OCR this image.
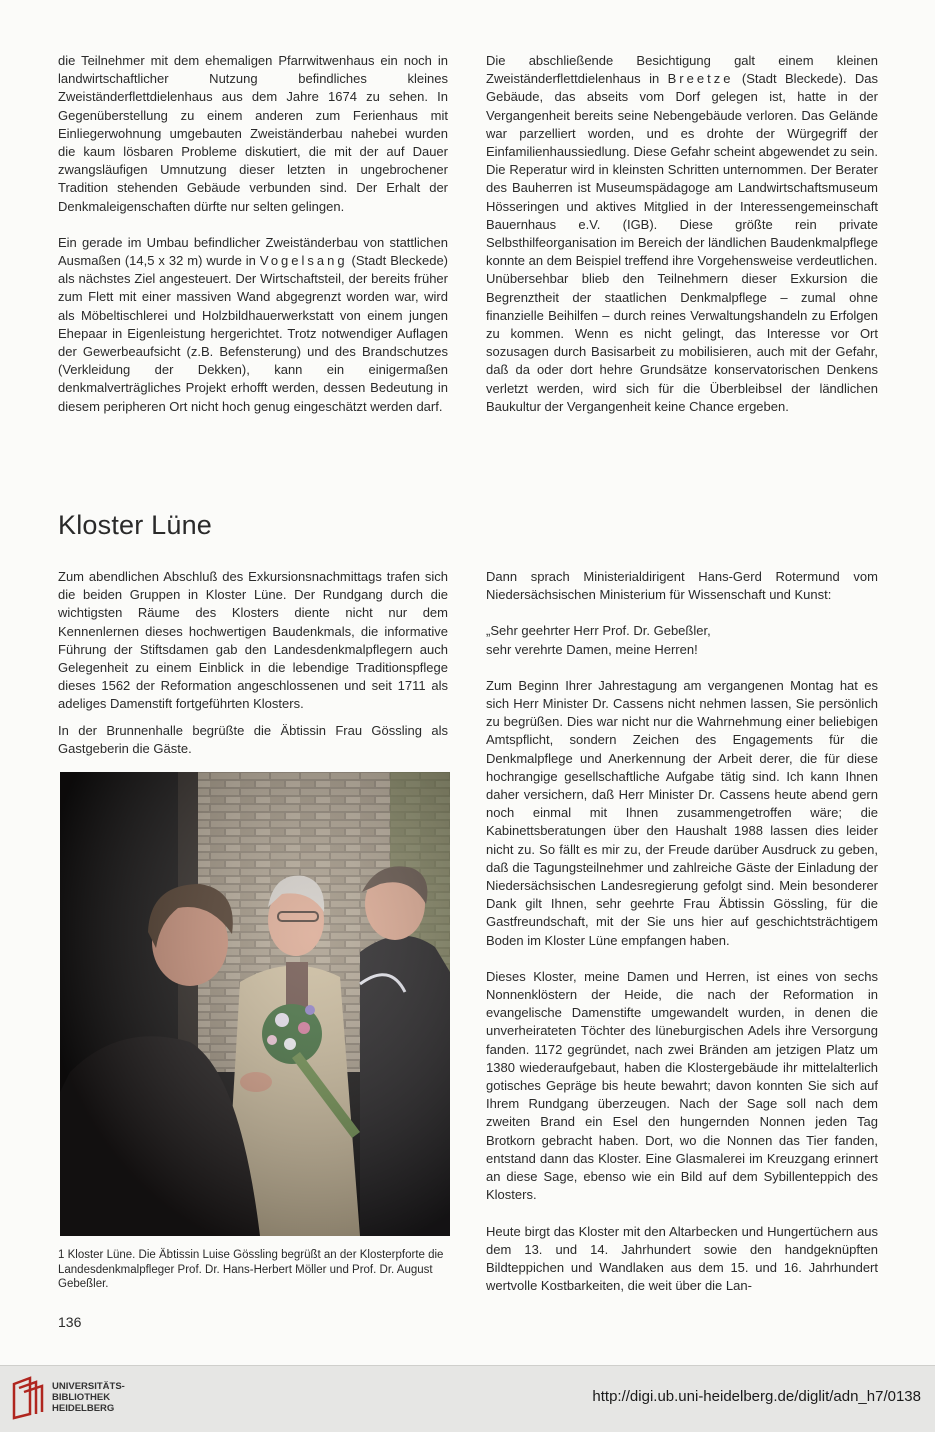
die Teilnehmer mit dem ehemaligen Pfarrwitwenhaus ein noch in landwirtschaftlicher Nutzung befindliches kleines Zweiständerflettdielenhaus aus dem Jahre 1674 zu sehen. In Gegenüberstellung zu einem anderen zum Ferienhaus mit Einliegerwohnung umgebauten Zweiständerbau nahebei wurden die kaum lösbaren Probleme diskutiert, die mit der auf Dauer zwangsläufigen Umnutzung dieser letzten in ungebrochener Tradition stehenden Gebäude verbunden sind. Der Erhalt der Denkmaleigenschaften dürfte nur selten gelingen.

Ein gerade im Umbau befindlicher Zweiständerbau von stattlichen Ausmaßen (14,5 x 32 m) wurde in Vogelsang (Stadt Bleckede) als nächstes Ziel angesteuert. Der Wirtschaftsteil, der bereits früher zum Flett mit einer massiven Wand abgegrenzt worden war, wird als Möbeltischlerei und Holzbildhauerwerkstatt von einem jungen Ehepaar in Eigenleistung hergerichtet. Trotz notwendiger Auflagen der Gewerbeaufsicht (z.B. Befensterung) und des Brandschutzes (Verkleidung der Dekken), kann ein einigermaßen denkmalverträgliches Projekt erhofft werden, dessen Bedeutung in diesem peripheren Ort nicht hoch genug eingeschätzt werden darf.

Die abschließende Besichtigung galt einem kleinen Zweiständerflettdielenhaus in Breetze (Stadt Bleckede). Das Gebäude, das abseits vom Dorf gelegen ist, hatte in der Vergangenheit bereits seine Nebengebäude verloren. Das Gelände war parzelliert worden, und es drohte der Würgegriff der Einfamilienhaussiedlung. Diese Gefahr scheint abgewendet zu sein. Die Reperatur wird in kleinsten Schritten unternommen. Der Berater des Bauherren ist Museumspädagoge am Landwirtschaftsmuseum Hösseringen und aktives Mitglied in der Interessengemeinschaft Bauernhaus e.V. (IGB). Diese größte rein private Selbsthilfeorganisation im Bereich der ländlichen Baudenkmalpflege konnte an dem Beispiel treffend ihre Vorgehensweise verdeutlichen.

Unübersehbar blieb den Teilnehmern dieser Exkursion die Begrenztheit der staatlichen Denkmalpflege – zumal ohne finanzielle Beihilfen – durch reines Verwaltungshandeln zu Erfolgen zu kommen. Wenn es nicht gelingt, das Interesse vor Ort sozusagen durch Basisarbeit zu mobilisieren, auch mit der Gefahr, daß da oder dort hehre Grundsätze konservatorischen Denkens verletzt werden, wird sich für die Überbleibsel der ländlichen Baukultur der Vergangenheit keine Chance ergeben.

Kloster Lüne

Zum abendlichen Abschluß des Exkursionsnachmittags trafen sich die beiden Gruppen in Kloster Lüne. Der Rundgang durch die wichtigsten Räume des Klosters diente nicht nur dem Kennenlernen dieses hochwertigen Baudenkmals, die informative Führung der Stiftsdamen gab den Landesdenkmalpflegern auch Gelegenheit zu einem Einblick in die lebendige Traditionspflege dieses 1562 der Reformation angeschlossenen und seit 1711 als adeliges Damenstift fortgeführten Klosters.

In der Brunnenhalle begrüßte die Äbtissin Frau Gössling als Gastgeberin die Gäste.

1 Kloster Lüne. Die Äbtissin Luise Gössling begrüßt an der Klosterpforte die Landesdenkmalpfleger Prof. Dr. Hans-Herbert Möller und Prof. Dr. August Gebeßler.

Dann sprach Ministerialdirigent Hans-Gerd Rotermund vom Niedersächsischen Ministerium für Wissenschaft und Kunst:

„Sehr geehrter Herr Prof. Dr. Gebeßler,
sehr verehrte Damen, meine Herren!

Zum Beginn Ihrer Jahrestagung am vergangenen Montag hat es sich Herr Minister Dr. Cassens nicht nehmen lassen, Sie persönlich zu begrüßen. Dies war nicht nur die Wahrnehmung einer beliebigen Amtspflicht, sondern Zeichen des Engagements für die Denkmalpflege und Anerkennung der Arbeit derer, die für diese hochrangige gesellschaftliche Aufgabe tätig sind. Ich kann Ihnen daher versichern, daß Herr Minister Dr. Cassens heute abend gern noch einmal mit Ihnen zusammengetroffen wäre; die Kabinettsberatungen über den Haushalt 1988 lassen dies leider nicht zu. So fällt es mir zu, der Freude darüber Ausdruck zu geben, daß die Tagungsteilnehmer und zahlreiche Gäste der Einladung der Niedersächsischen Landesregierung gefolgt sind. Mein besonderer Dank gilt Ihnen, sehr geehrte Frau Äbtissin Gössling, für die Gastfreundschaft, mit der Sie uns hier auf geschichtsträchtigem Boden im Kloster Lüne empfangen haben.

Dieses Kloster, meine Damen und Herren, ist eines von sechs Nonnenklöstern der Heide, die nach der Reformation in evangelische Damenstifte umgewandelt wurden, in denen die unverheirateten Töchter des lüneburgischen Adels ihre Versorgung fanden. 1172 gegründet, nach zwei Bränden am jetzigen Platz um 1380 wiederaufgebaut, haben die Klostergebäude ihr mittelalterlich gotisches Gepräge bis heute bewahrt; davon konnten Sie sich auf Ihrem Rundgang überzeugen. Nach der Sage soll nach dem zweiten Brand ein Esel den hungernden Nonnen jeden Tag Brotkorn gebracht haben. Dort, wo die Nonnen das Tier fanden, entstand dann das Kloster. Eine Glasmalerei im Kreuzgang erinnert an diese Sage, ebenso wie ein Bild auf dem Sybillenteppich des Klosters.

Heute birgt das Kloster mit den Altarbecken und Hungertüchern aus dem 13. und 14. Jahrhundert sowie den handgeknüpften Bildteppichen und Wandlaken aus dem 15. und 16. Jahrhundert wertvolle Kostbarkeiten, die weit über die Lan-

136
UNIVERSITÄTS-
BIBLIOTHEK
HEIDELBERG
http://digi.ub.uni-heidelberg.de/diglit/adn_h7/0138
